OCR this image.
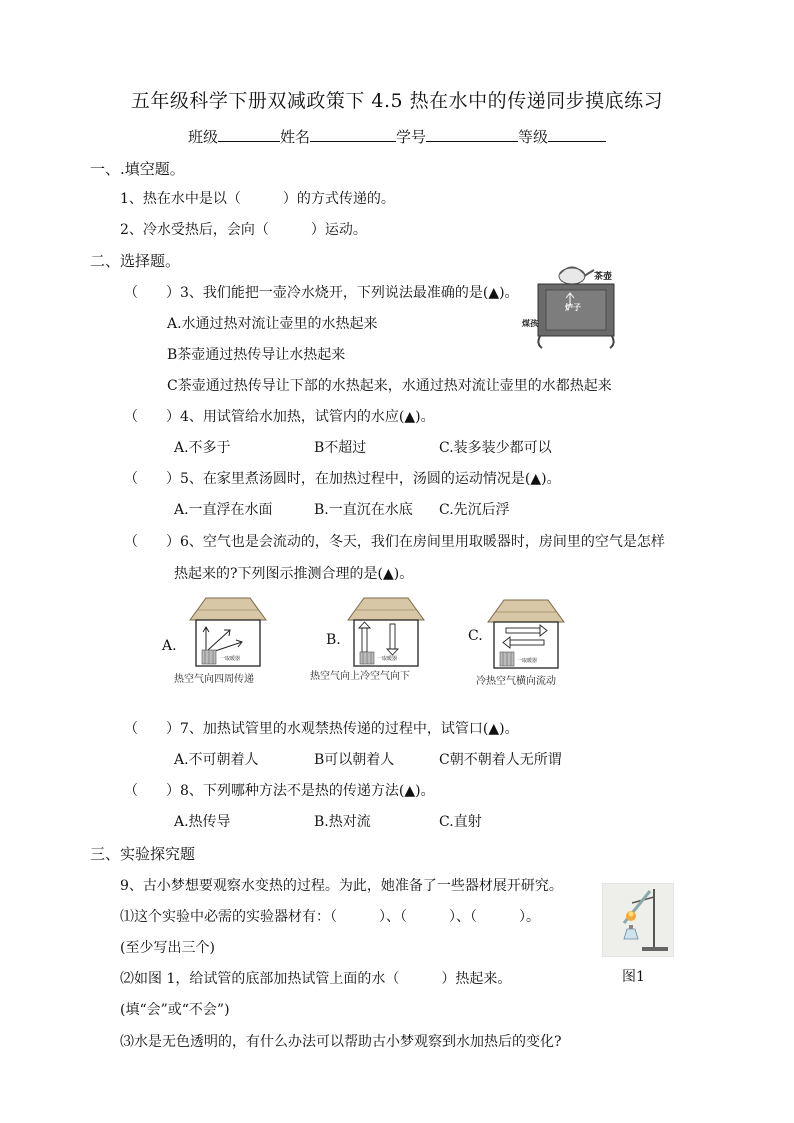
五年级科学下册双减政策下 4.5 热在水中的传递同步摸底练习
班级	姓名	学号	等级
一、.填空题。
1、热在水中是以（　　　）的方式传递的。
2、冷水受热后，会向（　　　）运动。
二、选择题。
（　　）3、我们能把一壶冷水烧开，下列说法最准确的是(▲)。
A.水通过热对流让壶里的水热起来
B茶壶通过热传导让水热起来
C茶壶通过热传导让下部的水热起来，水通过热对流让壶里的水都热起来
茶壶
炉子
煤孩
（　　）4、用试管给水加热，试管内的水应(▲)。
A.不多于	B不超过	C.装多装少都可以
（　　）5、在家里煮汤圆时，在加热过程中，汤圆的运动情况是(▲)。
A.一直浮在水面	B.一直沉在水底 C.先沉后浮
（　　）6、空气也是会流动的，冬天，我们在房间里用取暖器时，房间里的空气是怎样
热起来的?下列图示推测合理的是(▲)。
A.
一取暖器
热空气向四周传递
B.
一取暖器
热空气向上冷空气向下
C.
一取暖器
冷热空气横向流动
（　　）7、加热试管里的水观禁热传递的过程中，试管口(▲)。
A.不可朝着人	B可以朝着人	C朝不朝着人无所谓
（　　）8、下列哪种方法不是热的传递方法(▲)。
A.热传导	B.热对流	C.直射
三、实验探究题
9、古小梦想要观察水变热的过程。为此，她准备了一些器材展开研究。
⑴这个实验中必需的实验器材有：（　　　）、（　　　）、（　　　）。
(至少写出三个)
⑵如图 1，给试管的底部加热试管上面的水（　　　）热起来。
(填“会”或“不会”)
⑶水是无色透明的，有什么办法可以帮助古小梦观察到水加热后的变化?
图1
